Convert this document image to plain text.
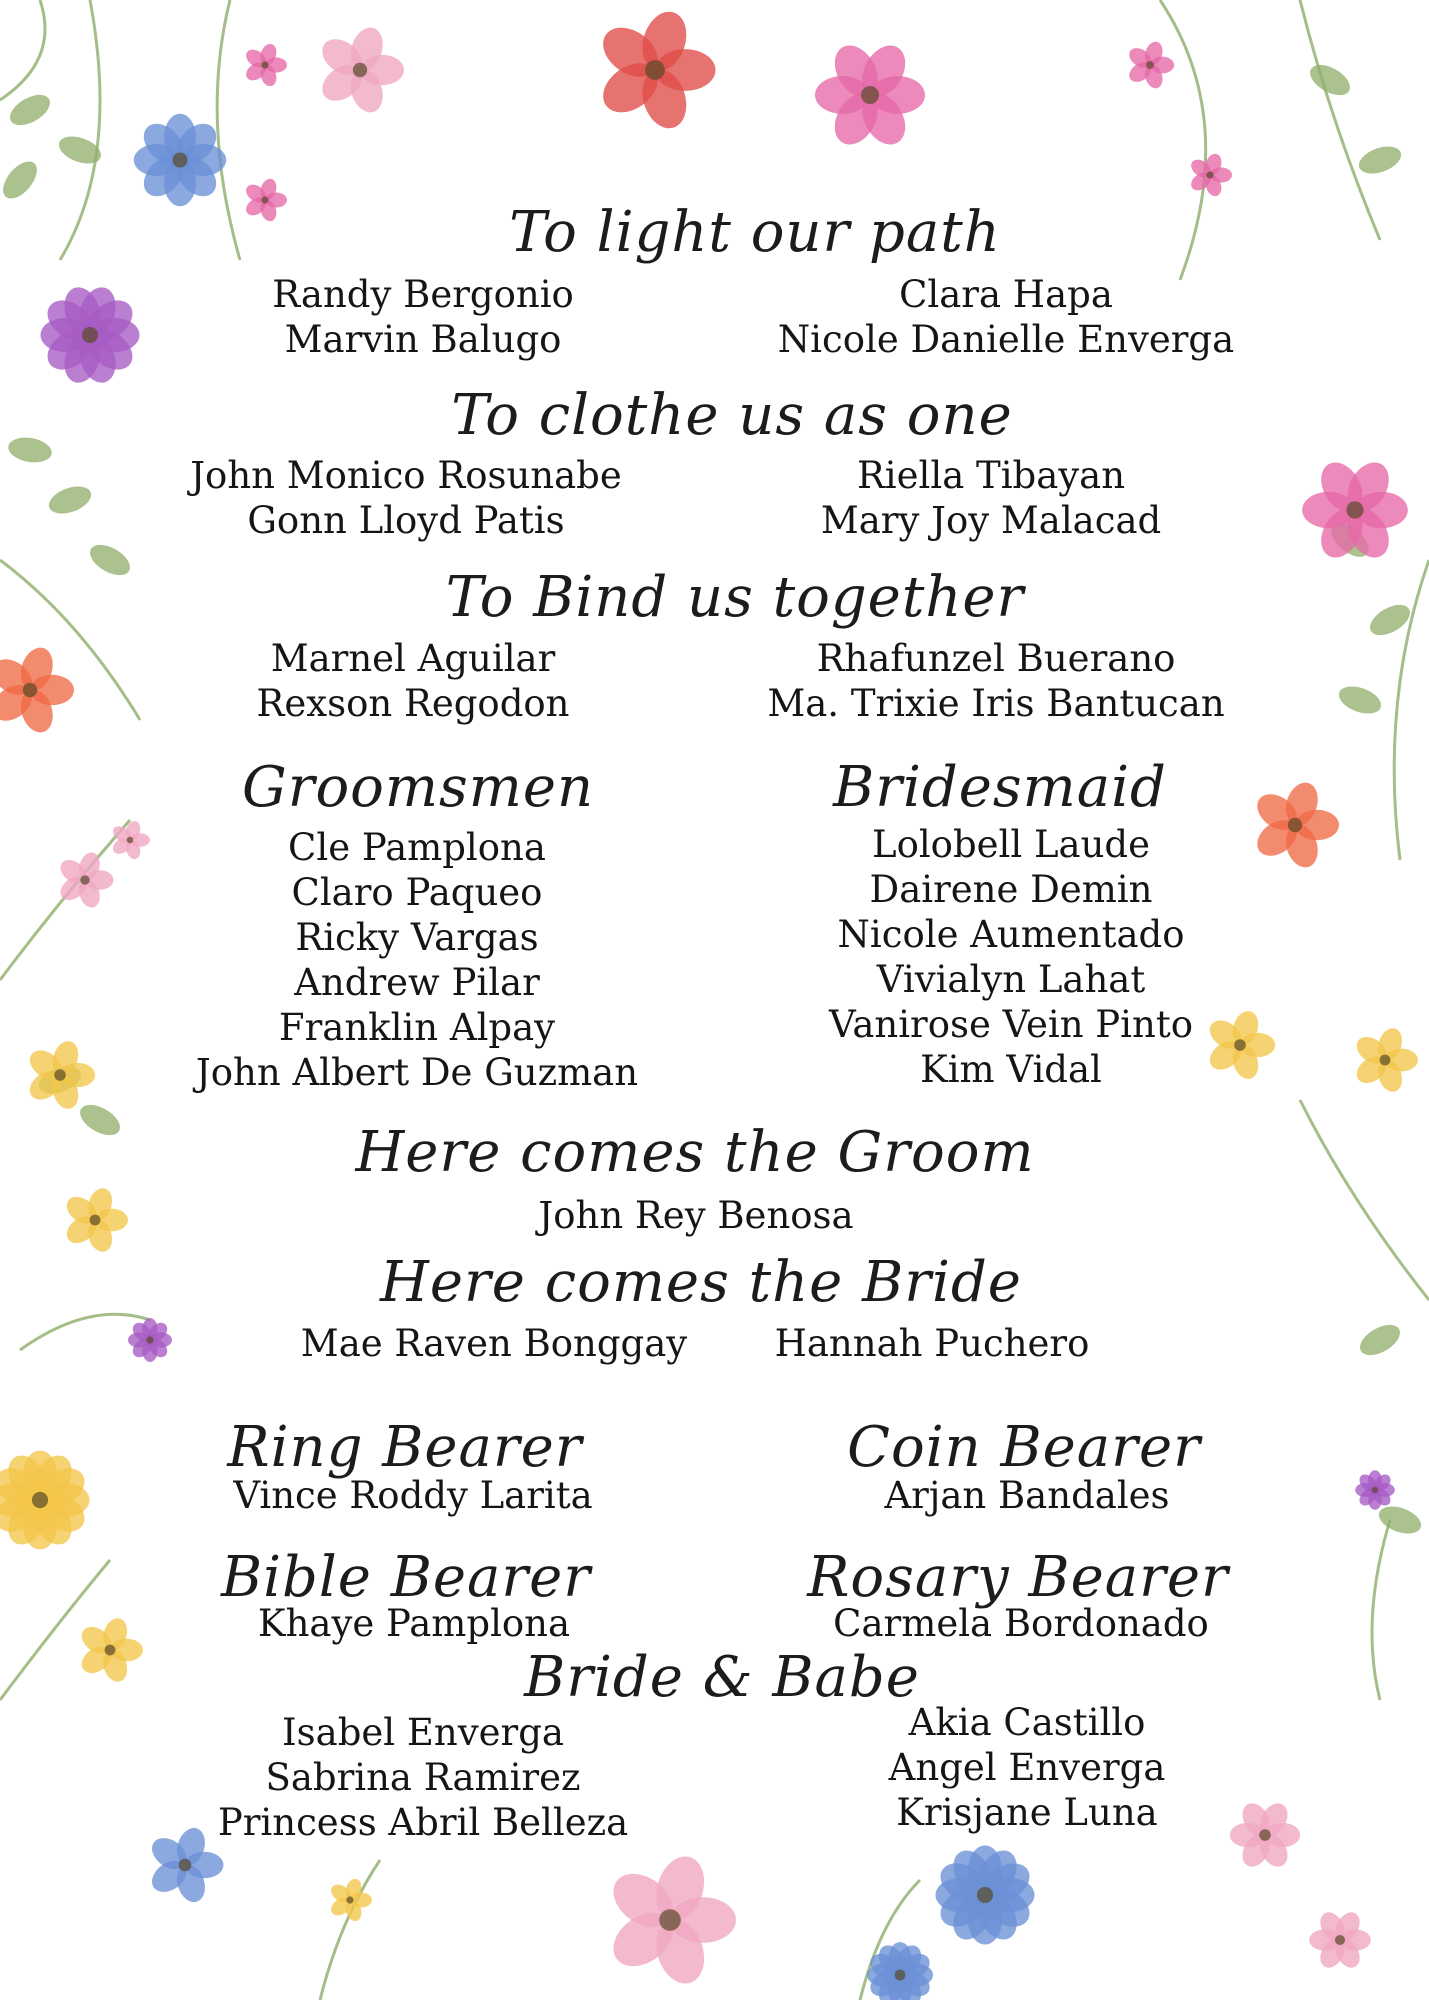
To light our path
Randy Bergonio
Marvin Balugo
Clara Hapa
Nicole Danielle Enverga
To clothe us as one
John Monico Rosunabe
Gonn Lloyd Patis
Riella Tibayan
Mary Joy Malacad
To Bind us together
Marnel Aguilar
Rexson Regodon
Rhafunzel Buerano
Ma. Trixie Iris Bantucan
Groomsmen
Cle Pamplona
Claro Paqueo
Ricky Vargas
Andrew Pilar
Franklin Alpay
John Albert De Guzman
Bridesmaid
Lolobell Laude
Dairene Demin
Nicole Aumentado
Vivialyn Lahat
Vanirose Vein Pinto
Kim Vidal
Here comes the Groom
John Rey Benosa
Here comes the Bride
Mae Raven Bonggay Hannah Puchero
Ring Bearer
Vince Roddy Larita
Coin Bearer
Arjan Bandales
Bible Bearer
Khaye Pamplona
Rosary Bearer
Carmela Bordonado
Bride & Babe
Isabel Enverga
Sabrina Ramirez
Princess Abril Belleza
Akia Castillo
Angel Enverga
Krisjane Luna
